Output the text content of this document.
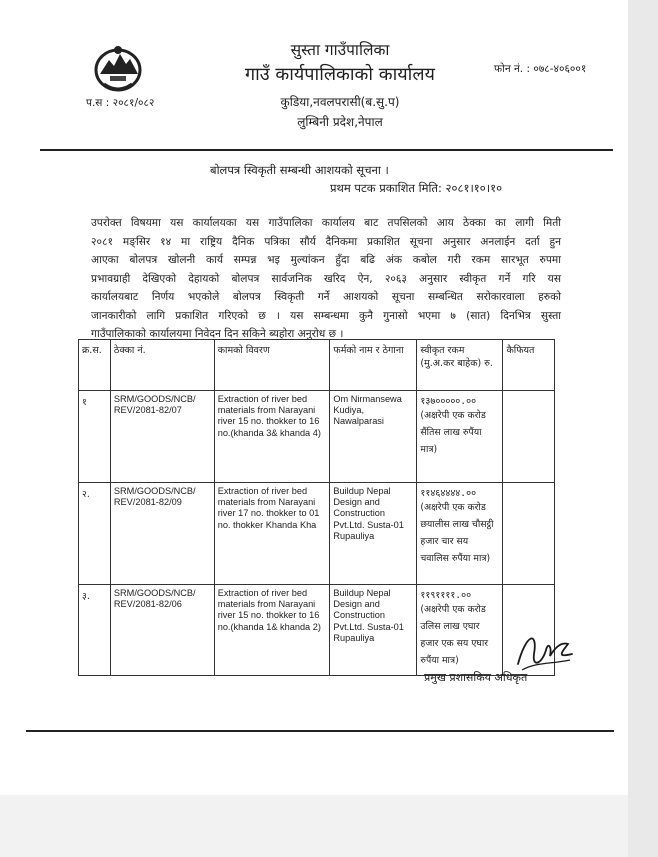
सुस्ता गाउँपालिका
गाउँ कार्यपालिकाको कार्यालय
कुडिया,नवलपरासी(ब.सु.प)
लुम्बिनी प्रदेश,नेपाल
फोन नं. : ०७८-४०६००१
प.स : २०८१/०८२
बोलपत्र स्विकृती सम्बन्धी आशयको सूचना ।
प्रथम पटक प्रकाशित मिति: २०८१।१०।१०
उपरोक्त विषयमा यस कार्यालयका यस गाउँपालिका कार्यालय बाट तपसिलको आय ठेक्का का लागी मिती
२०८१ मङ्सिर १४ मा राष्ट्रिय दैनिक पत्रिका सौर्य दैनिकमा प्रकाशित सूचना अनुसार अनलाईन दर्ता हुन
आएका बोलपत्र खोलनी कार्य सम्पन्न भइ मुल्यांकन हुँदा बढि अंक कबोल गरी रकम सारभूत रुपमा
प्रभावग्राही देखिएको देहायको बोलपत्र सार्वजनिक खरिद ऐन, २०६३ अनुसार स्वीकृत गर्ने गरि यस
कार्यालयबाट निर्णय भएकोले बोलपत्र स्विकृती गर्ने आशयको सूचना सम्बन्धित सरोकारवाला हरुको
जानकारीको लागि प्रकाशित गरिएको छ । यस सम्बन्धमा कुनै गुनासो भएमा ७ (सात) दिनभित्र सुस्ता
गाउँपालिकाको कार्यालयमा निवेदन दिन सकिने ब्यहोरा अनुरोध छ ।
क्र.स.	ठेक्का नं.	कामको विवरण	फर्मको नाम र ठेगाना	स्वीकृत रकम (मु.अ.कर बाहेक) रु.	कैफियत
१	SRM/GOODS/NCB/ REV/2081-82/07	Extraction of river bed materials from Narayani river 15 no. thokker to 16 no.(khanda 3& khanda 4)	Om Nirmansewa Kudiya, Nawalparasi	१३७०००००.००
(अक्षरेपी एक करोड सैंतिस लाख रुपैंया मात्र)	

२.	SRM/GOODS/NCB/ REV/2081-82/09	Extraction of river bed materials from Narayani river 17 no. thokker to 01 no. thokker Khanda Kha	Buildup Nepal Design and Construction Pvt.Ltd. Susta-01 Rupauliya	११४६४४४४.००
(अक्षरेपी एक करोड छयालीस लाख चौसट्ठी हजार चार सय चवालिस रुपैंया मात्र)	

३.	SRM/GOODS/NCB/ REV/2081-82/06	Extraction of river bed materials from Narayani river 15 no. thokker to 16 no.(khanda 1& khanda 2)	Buildup Nepal Design and Construction Pvt.Ltd. Susta-01 Rupauliya	११९११११.००
(अक्षरेपी एक करोड उलिस लाख एघार हजार एक सय एघार रुपैंया मात्र)	

प्रमुख प्रशासकिय अधिकृत
